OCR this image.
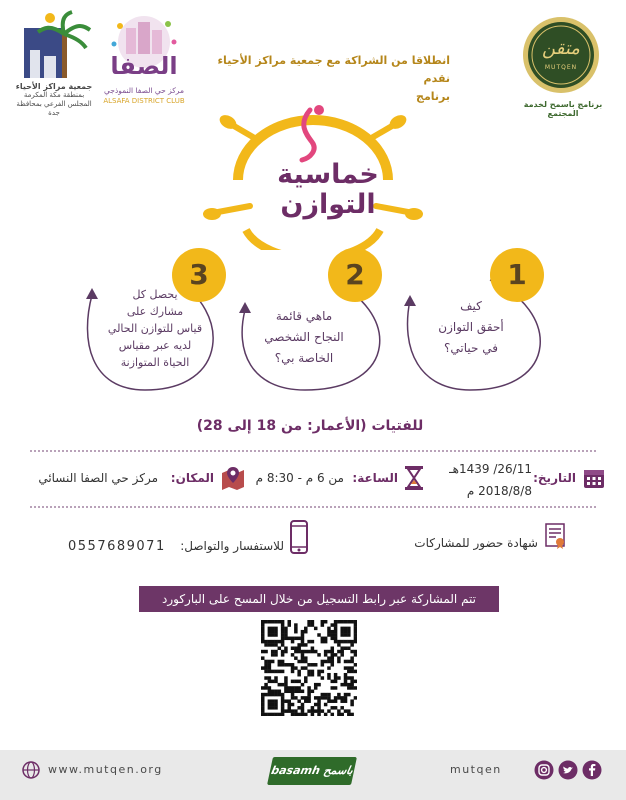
متقن
MUTQEN
برنامج باسمح لخدمة المجتمع
انطلاقا من الشراكة مع جمعية مراكز الأحياء نقدم
برنامج
الصفا
مركز حي الصفا النموذجي
ALSAFA DISTRICT CLUB
جمعية مراكز الأحياء
بمنطقة مكة المكرمة
المجلس الفرعي بمحافظة جدة
خماسية
التوازن
1
2
3
كيف
أحقق التوازن
في حياتي؟
ماهي قائمة
النجاح الشخصي
الخاصة بي؟
يحصل كل
مشارك على
قياس للتوازن الحالي
لديه عبر مقياس
الحياة المتوازنة
للفتيات (الأعمار: من 18 إلى 28)
التاريخ:
26/11/ 1439هـ
2018/8/8 م
الساعة:
من 6 م - 8:30 م
المكان:
مركز حي الصفا النسائي
شهادة حضور للمشاركات
للاستفسار والتواصل:
0557689071
تتم المشاركة عبر رابط التسجيل من خلال المسح على الباركورد
www.mutqen.org	basamh باسمح	mutqen
